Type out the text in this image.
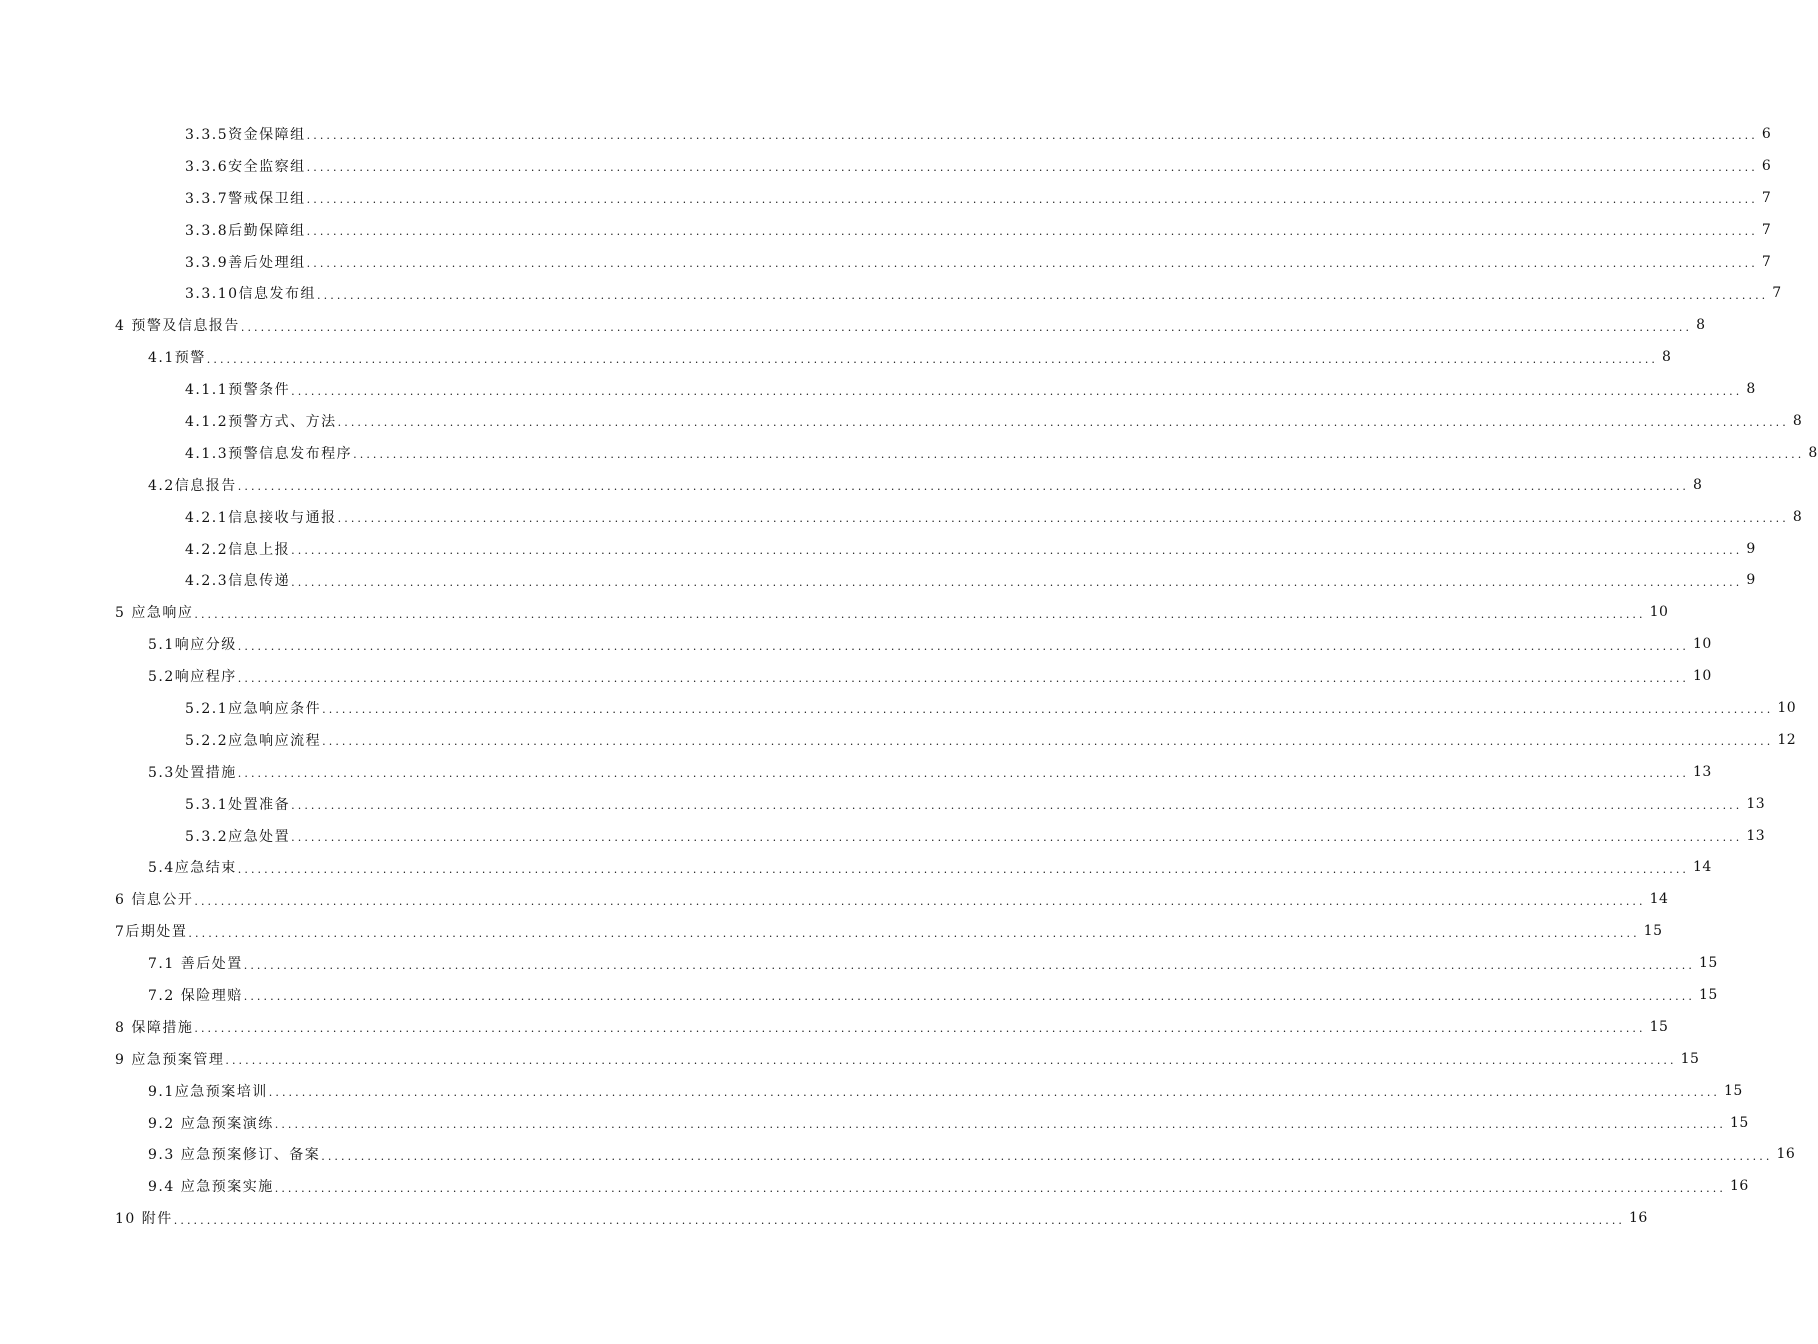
3.3.5资金保障组 ............................................................................................................................................................................................................................ 6
3.3.6安全监察组 ............................................................................................................................................................................................................................ 6
3.3.7警戒保卫组 ............................................................................................................................................................................................................................ 7
3.3.8后勤保障组 ............................................................................................................................................................................................................................ 7
3.3.9善后处理组 ............................................................................................................................................................................................................................ 7
3.3.10信息发布组 ............................................................................................................................................................................................................................ 7
4 预警及信息报告 ............................................................................................................................................................................................................................ 8
4.1预警 ............................................................................................................................................................................................................................ 8
4.1.1预警条件 ............................................................................................................................................................................................................................ 8
4.1.2预警方式、方法 ............................................................................................................................................................................................................................ 8
4.1.3预警信息发布程序 ............................................................................................................................................................................................................................ 8
4.2信息报告 ............................................................................................................................................................................................................................ 8
4.2.1信息接收与通报 ............................................................................................................................................................................................................................ 8
4.2.2信息上报 ............................................................................................................................................................................................................................ 9
4.2.3信息传递 ............................................................................................................................................................................................................................ 9
5 应急响应 ............................................................................................................................................................................................................................ 10
5.1响应分级 ............................................................................................................................................................................................................................ 10
5.2响应程序 ............................................................................................................................................................................................................................ 10
5.2.1应急响应条件 ............................................................................................................................................................................................................................ 10
5.2.2应急响应流程 ............................................................................................................................................................................................................................ 12
5.3处置措施 ............................................................................................................................................................................................................................ 13
5.3.1处置准备 ............................................................................................................................................................................................................................ 13
5.3.2应急处置 ............................................................................................................................................................................................................................ 13
5.4应急结束 ............................................................................................................................................................................................................................ 14
6 信息公开 ............................................................................................................................................................................................................................ 14
7后期处置 ............................................................................................................................................................................................................................ 15
7.1 善后处置 ............................................................................................................................................................................................................................ 15
7.2 保险理赔 ............................................................................................................................................................................................................................ 15
8 保障措施 ............................................................................................................................................................................................................................ 15
9 应急预案管理 ............................................................................................................................................................................................................................ 15
9.1应急预案培训 ............................................................................................................................................................................................................................ 15
9.2 应急预案演练 ............................................................................................................................................................................................................................ 15
9.3 应急预案修订、备案 ............................................................................................................................................................................................................................ 16
9.4 应急预案实施 ............................................................................................................................................................................................................................ 16
10 附件 ............................................................................................................................................................................................................................ 16
